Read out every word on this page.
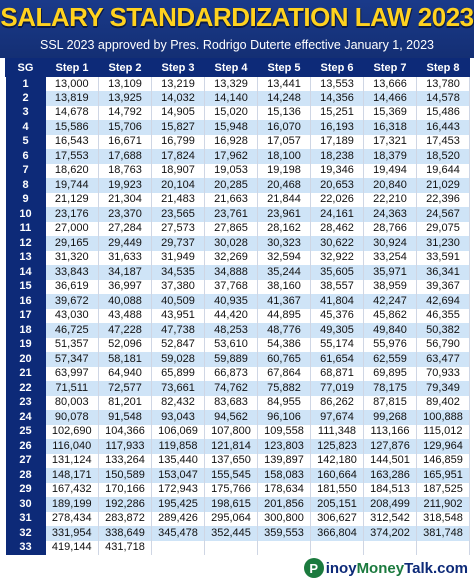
SALARY STANDARDIZATION LAW 2023
SSL 2023 approved by Pres. Rodrigo Duterte effective January 1, 2023
SG	Step 1	Step 2	Step 3	Step 4	Step 5	Step 6	Step 7	Step 8
1	13,000	13,109	13,219	13,329	13,441	13,553	13,666	13,780
2	13,819	13,925	14,032	14,140	14,248	14,356	14,466	14,578
3	14,678	14,792	14,905	15,020	15,136	15,251	15,369	15,486
4	15,586	15,706	15,827	15,948	16,070	16,193	16,318	16,443
5	16,543	16,671	16,799	16,928	17,057	17,189	17,321	17,453
6	17,553	17,688	17,824	17,962	18,100	18,238	18,379	18,520
7	18,620	18,763	18,907	19,053	19,198	19,346	19,494	19,644
8	19,744	19,923	20,104	20,285	20,468	20,653	20,840	21,029
9	21,129	21,304	21,483	21,663	21,844	22,026	22,210	22,396
10	23,176	23,370	23,565	23,761	23,961	24,161	24,363	24,567
11	27,000	27,284	27,573	27,865	28,162	28,462	28,766	29,075
12	29,165	29,449	29,737	30,028	30,323	30,622	30,924	31,230
13	31,320	31,633	31,949	32,269	32,594	32,922	33,254	33,591
14	33,843	34,187	34,535	34,888	35,244	35,605	35,971	36,341
15	36,619	36,997	37,380	37,768	38,160	38,557	38,959	39,367
16	39,672	40,088	40,509	40,935	41,367	41,804	42,247	42,694
17	43,030	43,488	43,951	44,420	44,895	45,376	45,862	46,355
18	46,725	47,228	47,738	48,253	48,776	49,305	49,840	50,382
19	51,357	52,096	52,847	53,610	54,386	55,174	55,976	56,790
20	57,347	58,181	59,028	59,889	60,765	61,654	62,559	63,477
21	63,997	64,940	65,899	66,873	67,864	68,871	69,895	70,933
22	71,511	72,577	73,661	74,762	75,882	77,019	78,175	79,349
23	80,003	81,201	82,432	83,683	84,955	86,262	87,815	89,402
24	90,078	91,548	93,043	94,562	96,106	97,674	99,268	100,888
25	102,690	104,366	106,069	107,800	109,558	111,348	113,166	115,012
26	116,040	117,933	119,858	121,814	123,803	125,823	127,876	129,964
27	131,124	133,264	135,440	137,650	139,897	142,180	144,501	146,859
28	148,171	150,589	153,047	155,545	158,083	160,664	163,286	165,951
29	167,432	170,166	172,943	175,766	178,634	181,550	184,513	187,525
30	189,199	192,286	195,425	198,615	201,856	205,151	208,499	211,902
31	278,434	283,872	289,426	295,064	300,800	306,627	312,542	318,548
32	331,954	338,649	345,478	352,445	359,553	366,804	374,202	381,748
33	419,144	431,718						
P inoyMoneyTalk.com
